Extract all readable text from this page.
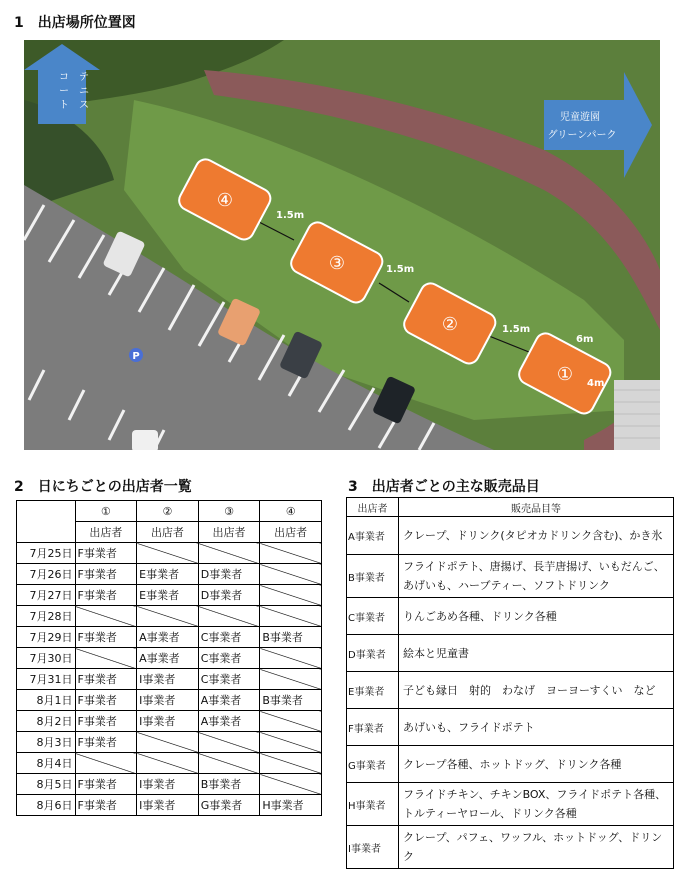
1　出店場所位置図
テニスコート
児童遊園
グリーンパーク
P
④
③
②
①
1.5m
1.5m
1.5m
6m
4m
2　日にちごとの出店者一覧
	①	②	③	④
	出店者	出店者	出店者	出店者
7月25日	F事業者			
7月26日	F事業者	E事業者	D事業者	
7月27日	F事業者	E事業者	D事業者	
7月28日				
7月29日	F事業者	A事業者	C事業者	B事業者
7月30日		A事業者	C事業者	
7月31日	F事業者	I事業者	C事業者	
8月1日	F事業者	I事業者	A事業者	B事業者
8月2日	F事業者	I事業者	A事業者	
8月3日	F事業者			
8月4日				
8月5日	F事業者	I事業者	B事業者	
8月6日	F事業者	I事業者	G事業者	H事業者
3　出店者ごとの主な販売品目
出店者	販売品目等
A事業者	クレープ、ドリンク(タピオカドリンク含む)、かき氷
B事業者	フライドポテト、唐揚げ、長芋唐揚げ、いもだんご、あげいも、ハーブティー、ソフトドリンク
C事業者	りんごあめ各種、ドリンク各種
D事業者	絵本と児童書
E事業者	子ども縁日　射的　わなげ　ヨーヨーすくい　など
F事業者	あげいも、フライドポテト
G事業者	クレープ各種、ホットドッグ、ドリンク各種
H事業者	フライドチキン、チキンBOX、フライドポテト各種、トルティーヤロール、ドリンク各種
I事業者	クレープ、パフェ、ワッフル、ホットドッグ、ドリンク
